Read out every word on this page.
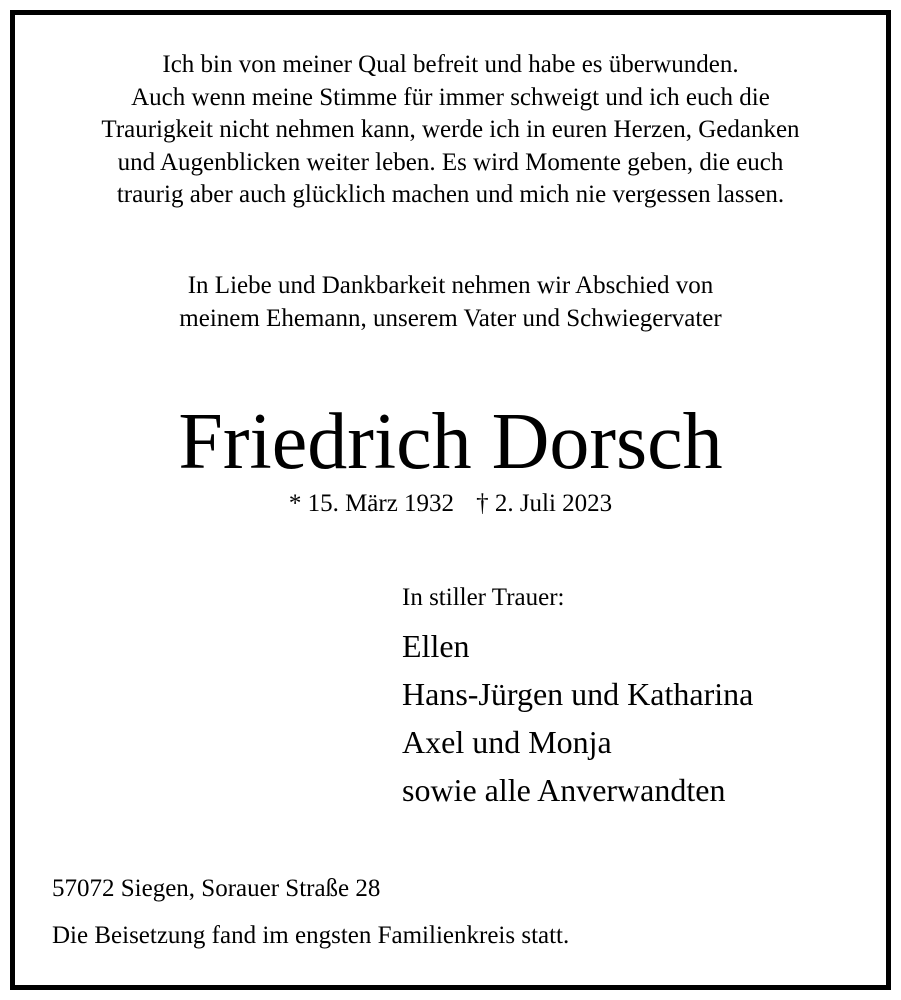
Ich bin von meiner Qual befreit und habe es überwunden.
Auch wenn meine Stimme für immer schweigt und ich euch die
Traurigkeit nicht nehmen kann, werde ich in euren Herzen, Gedanken
und Augenblicken weiter leben. Es wird Momente geben, die euch
traurig aber auch glücklich machen und mich nie vergessen lassen.
In Liebe und Dankbarkeit nehmen wir Abschied von
meinem Ehemann, unserem Vater und Schwiegervater
Friedrich Dorsch
* 15. März 1932 † 2. Juli 2023
In stiller Trauer:
Ellen
Hans-Jürgen und Katharina
Axel und Monja
sowie alle Anverwandten
57072 Siegen, Sorauer Straße 28
Die Beisetzung fand im engsten Familienkreis statt.
